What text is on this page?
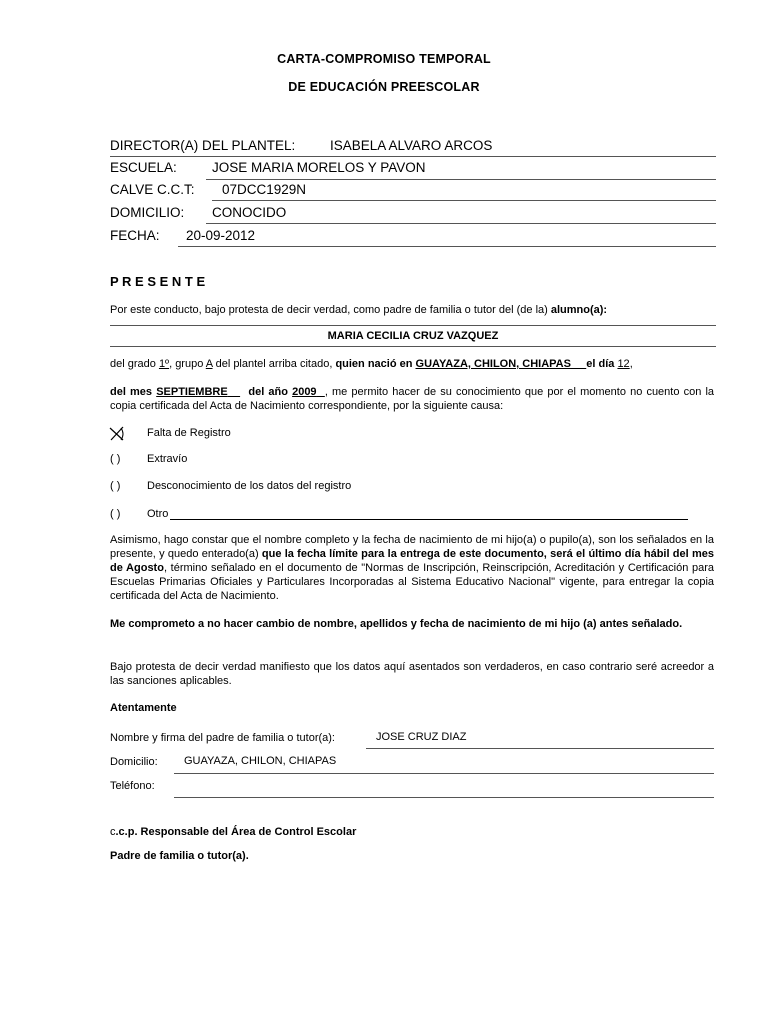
CARTA-COMPROMISO TEMPORAL
DE EDUCACIÓN PREESCOLAR
DIRECTOR(A) DEL PLANTEL:	ISABELA ALVARO ARCOS
ESCUELA:	JOSE MARIA MORELOS Y PAVON
CALVE C.C.T: 07DCC1929N
DOMICILIO: CONOCIDO
FECHA: 20-09-2012
P R E S E N T E
Por este conducto, bajo protesta de decir verdad, como padre de familia o tutor del (de la) alumno(a):
MARIA CECILIA CRUZ VAZQUEZ
del grado 1º, grupo A del plantel arriba citado, quien nació en GUAYAZA, CHILON, CHIAPAS el día 12,
del mes SEPTIEMBRE del año 2009 , me permito hacer de su conocimiento que por el momento no cuento con la copia certificada del Acta de Nacimiento correspondiente, por la siguiente causa:
Falta de Registro
( ) Extravío
( ) Desconocimiento de los datos del registro
( ) Otro
Asimismo, hago constar que el nombre completo y la fecha de nacimiento de mi hijo(a) o pupilo(a), son los señalados en la presente, y quedo enterado(a) que la fecha límite para la entrega de este documento, será el último día hábil del mes de Agosto, término señalado en el documento de "Normas de Inscripción, Reinscripción, Acreditación y Certificación para Escuelas Primarias Oficiales y Particulares Incorporadas al Sistema Educativo Nacional" vigente, para entregar la copia certificada del Acta de Nacimiento.
Me comprometo a no hacer cambio de nombre, apellidos y fecha de nacimiento de mi hijo (a) antes señalado.
Bajo protesta de decir verdad manifiesto que los datos aquí asentados son verdaderos, en caso contrario seré acreedor a las sanciones aplicables.
Atentamente
Nombre y firma del padre de familia o tutor(a):	JOSE CRUZ DIAZ
Domicilio: GUAYAZA, CHILON, CHIAPAS
Teléfono:
c.c.p. Responsable del Área de Control Escolar
Padre de familia o tutor(a).
